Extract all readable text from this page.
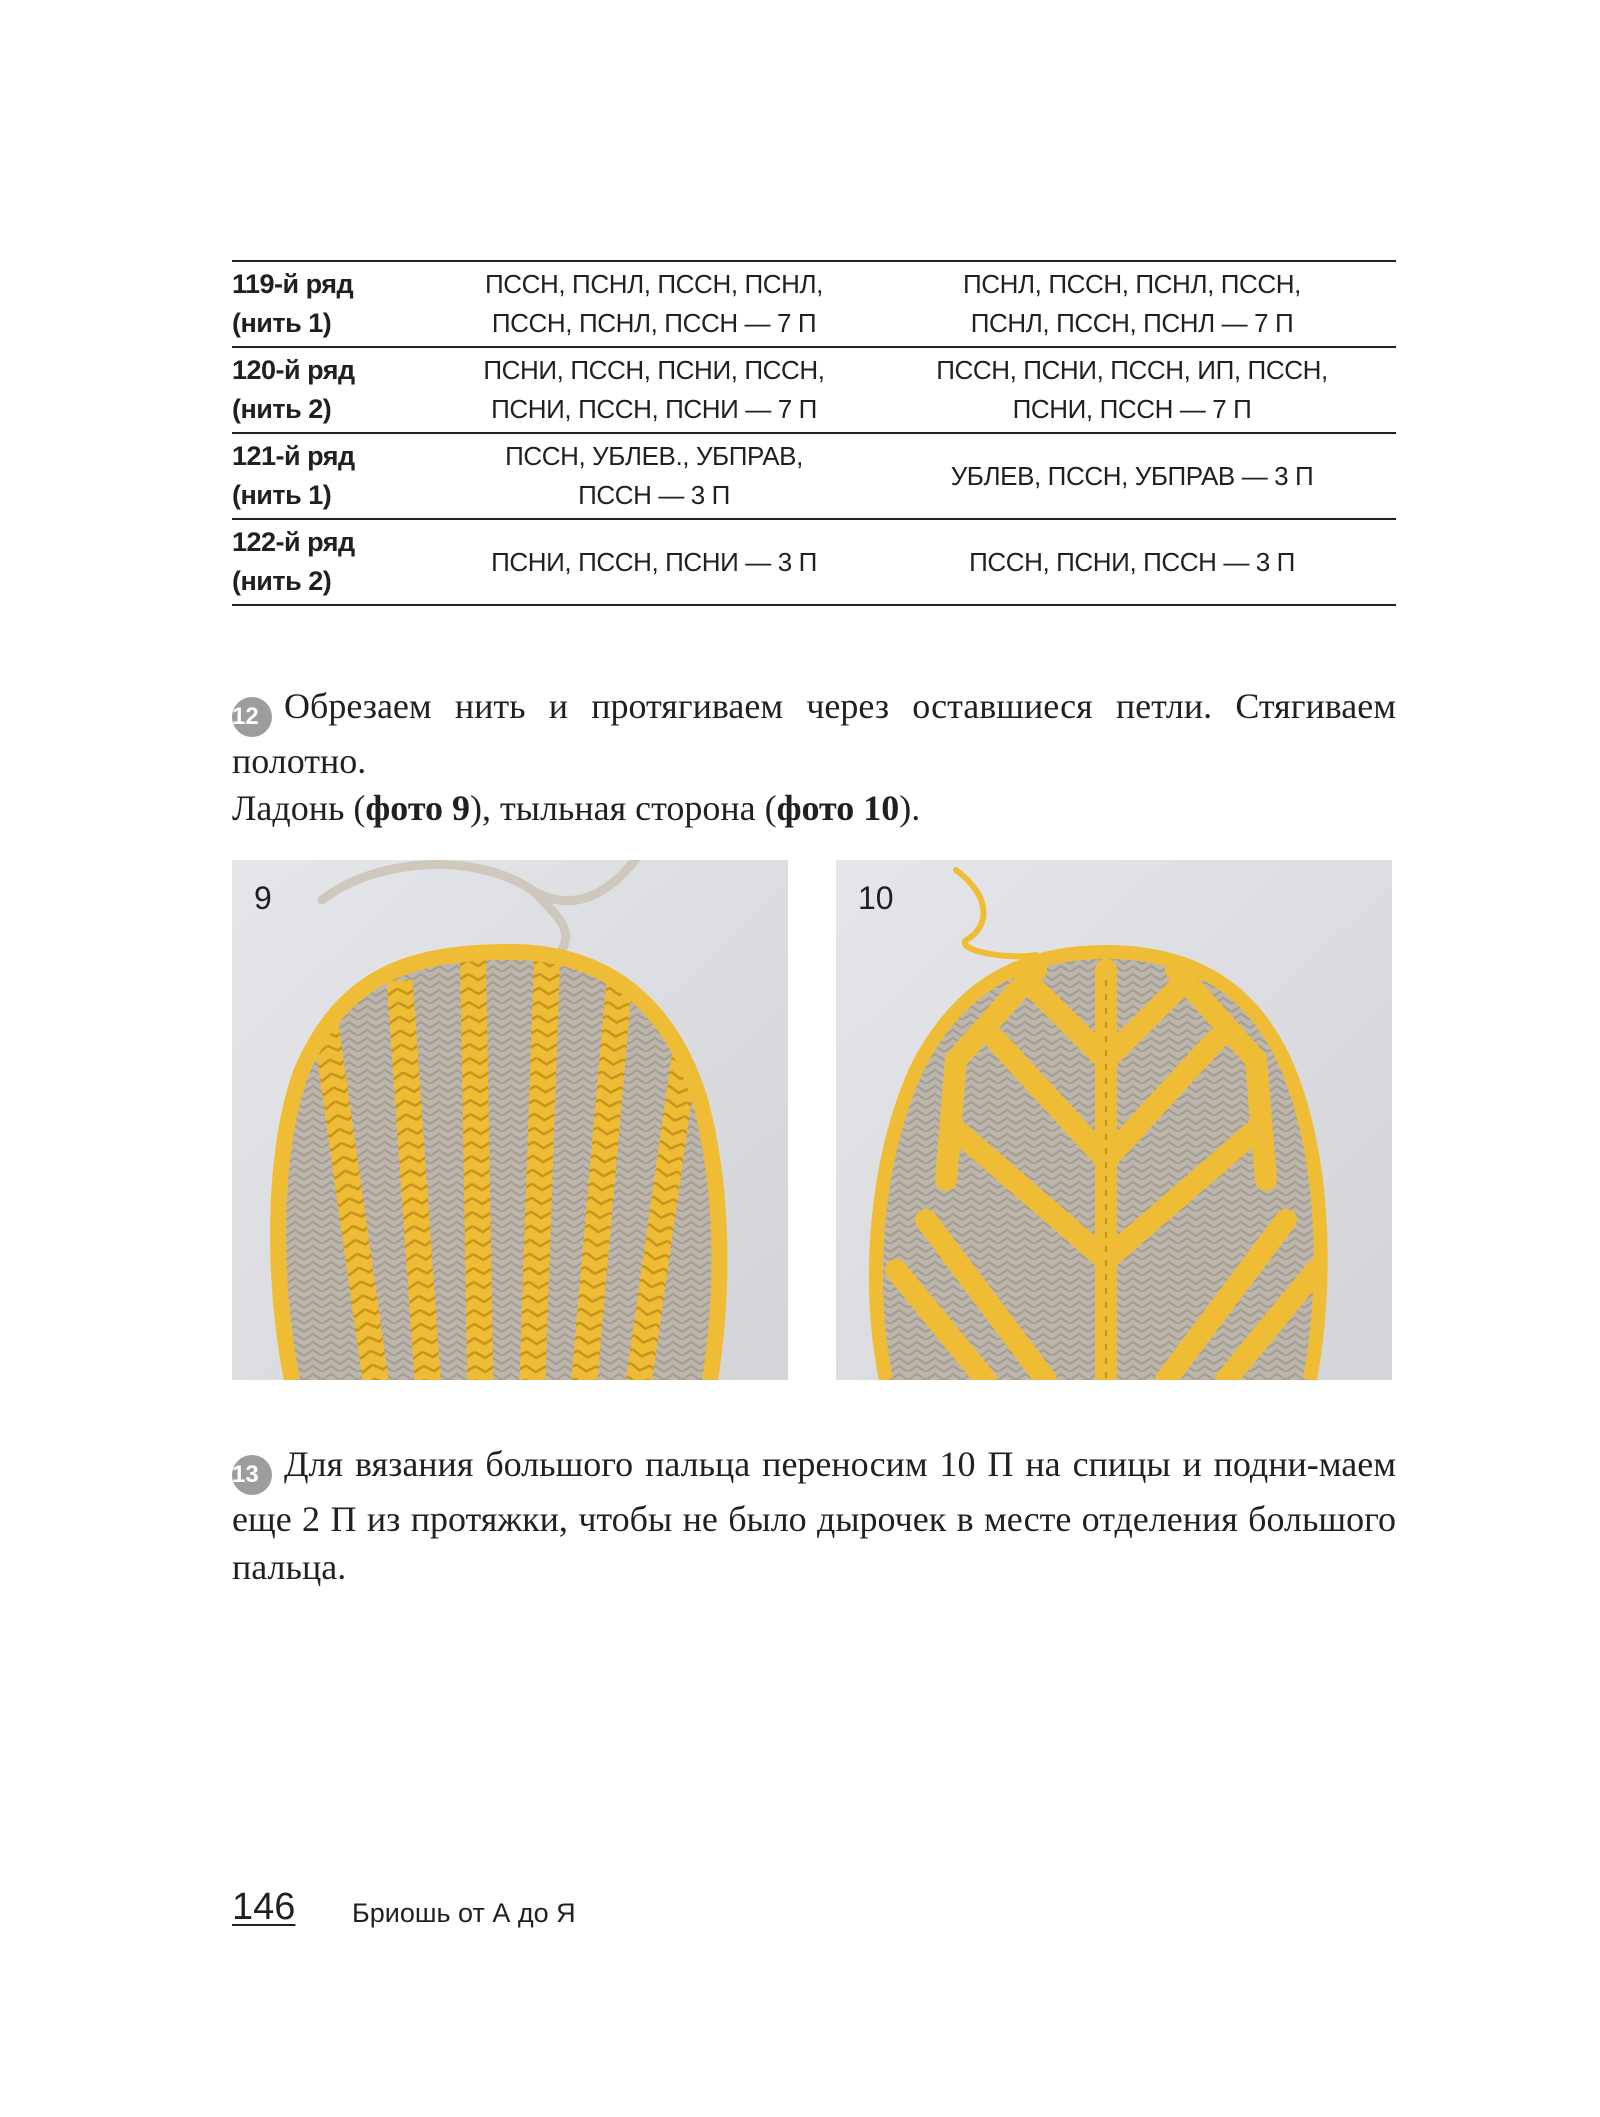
119-й ряд
(нить 1)
ПССН, ПСНЛ, ПССН, ПСНЛ,
ПССН, ПСНЛ, ПССН — 7 П
ПСНЛ, ПССН, ПСНЛ, ПССН,
ПСНЛ, ПССН, ПСНЛ — 7 П
120-й ряд
(нить 2)
ПСНИ, ПССН, ПСНИ, ПССН,
ПСНИ, ПССН, ПСНИ — 7 П
ПССН, ПСНИ, ПССН, ИП, ПССН,
ПСНИ, ПССН — 7 П
121-й ряд
(нить 1)
ПССН, УБЛЕВ., УБПРАВ,
ПССН — 3 П
УБЛЕВ, ПССН, УБПРАВ — 3 П
122-й ряд
(нить 2)
ПСНИ, ПССН, ПСНИ — 3 П	ПССН, ПСНИ, ПССН — 3 П
12 Обрезаем нить и протягиваем через оставшиеся петли. Стягиваем полотно.
Ладонь (фото 9), тыльная сторона (фото 10).
9	10
13 Для вязания большого пальца переносим 10 П на спицы и подни-маем еще 2 П из протяжки, чтобы не было дырочек в месте отделения большого пальца.
146 Бриошь от А до Я
